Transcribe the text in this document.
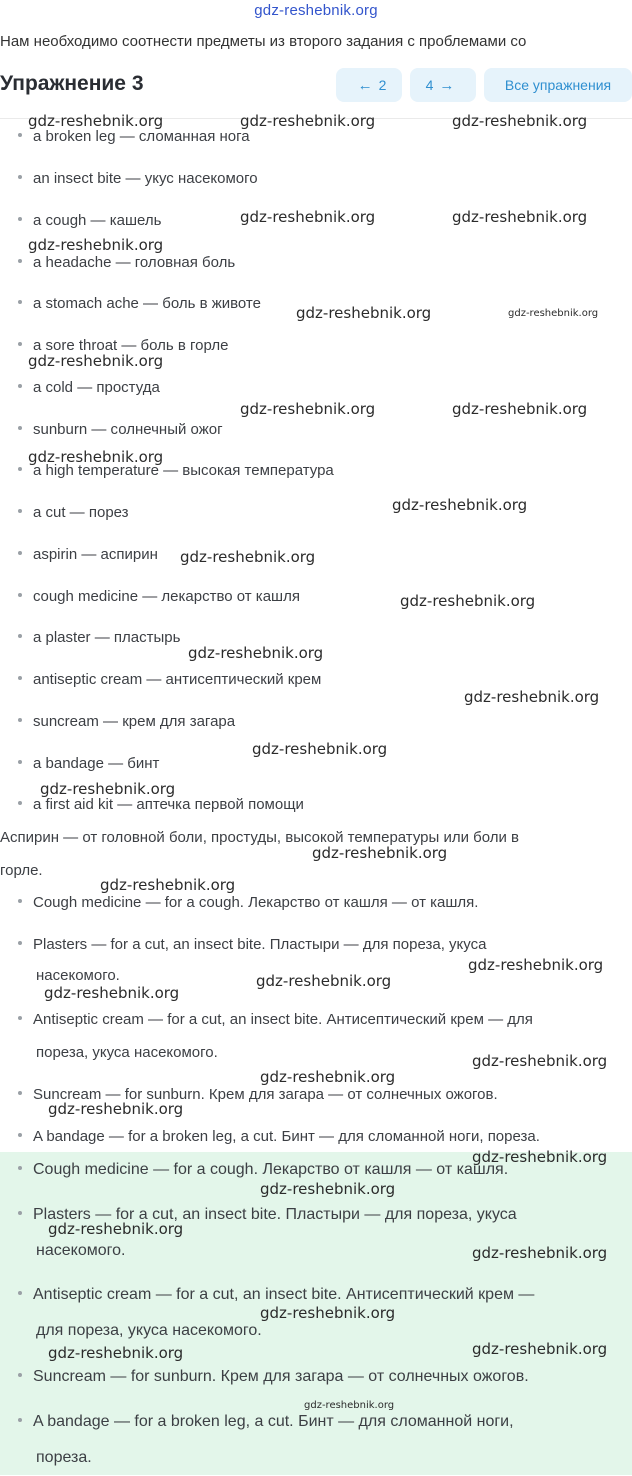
gdz-reshebnik.org
Нам необходимо соотнести предметы из второго задания с проблемами со
Упражнение 3	← 2	4 →	Все упражнения
a broken leg — сломанная нога
an insect bite — укус насекомого
a cough — кашель
a headache — головная боль
a stomach ache — боль в животе
a sore throat — боль в горле
a cold — простуда
sunburn — солнечный ожог
a high temperature — высокая температура
a cut — порез
aspirin — аспирин
cough medicine — лекарство от кашля
a plaster — пластырь
antiseptic cream — антисептический крем
suncream — крем для загара
a bandage — бинт
a first aid kit — аптечка первой помощи
Аспирин — от головной боли, простуды, высокой температуры или боли в
горле.
Cough medicine — for a cough. Лекарство от кашля — от кашля.
Plasters — for a cut, an insect bite. Пластыри — для пореза, укуса
насекомого.
Antiseptic cream — for a cut, an insect bite. Антисептический крем — для
пореза, укуса насекомого.
Suncream — for sunburn. Крем для загара — от солнечных ожогов.
A bandage — for a broken leg, a cut. Бинт — для сломанной ноги, пореза.
Cough medicine — for a cough. Лекарство от кашля — от кашля.
Plasters — for a cut, an insect bite. Пластыри — для пореза, укуса
насекомого.
Antiseptic cream — for a cut, an insect bite. Антисептический крем —
для пореза, укуса насекомого.
Suncream — for sunburn. Крем для загара — от солнечных ожогов.
A bandage — for a broken leg, a cut. Бинт — для сломанной ноги,
пореза.
gdz-reshebnik.org	gdz-reshebnik.org	gdz-reshebnik.org
gdz-reshebnik.org	gdz-reshebnik.org
gdz-reshebnik.org
gdz-reshebnik.org	gdz-reshebnik.org
gdz-reshebnik.org
gdz-reshebnik.org	gdz-reshebnik.org
gdz-reshebnik.org
gdz-reshebnik.org
gdz-reshebnik.org
gdz-reshebnik.org
gdz-reshebnik.org
gdz-reshebnik.org
gdz-reshebnik.org
gdz-reshebnik.org
gdz-reshebnik.org
gdz-reshebnik.org
gdz-reshebnik.org
gdz-reshebnik.org
gdz-reshebnik.org
gdz-reshebnik.org
gdz-reshebnik.org
gdz-reshebnik.org
gdz-reshebnik.org
gdz-reshebnik.org
gdz-reshebnik.org
gdz-reshebnik.org
gdz-reshebnik.org
gdz-reshebnik.org
gdz-reshebnik.org
gdz-reshebnik.org
